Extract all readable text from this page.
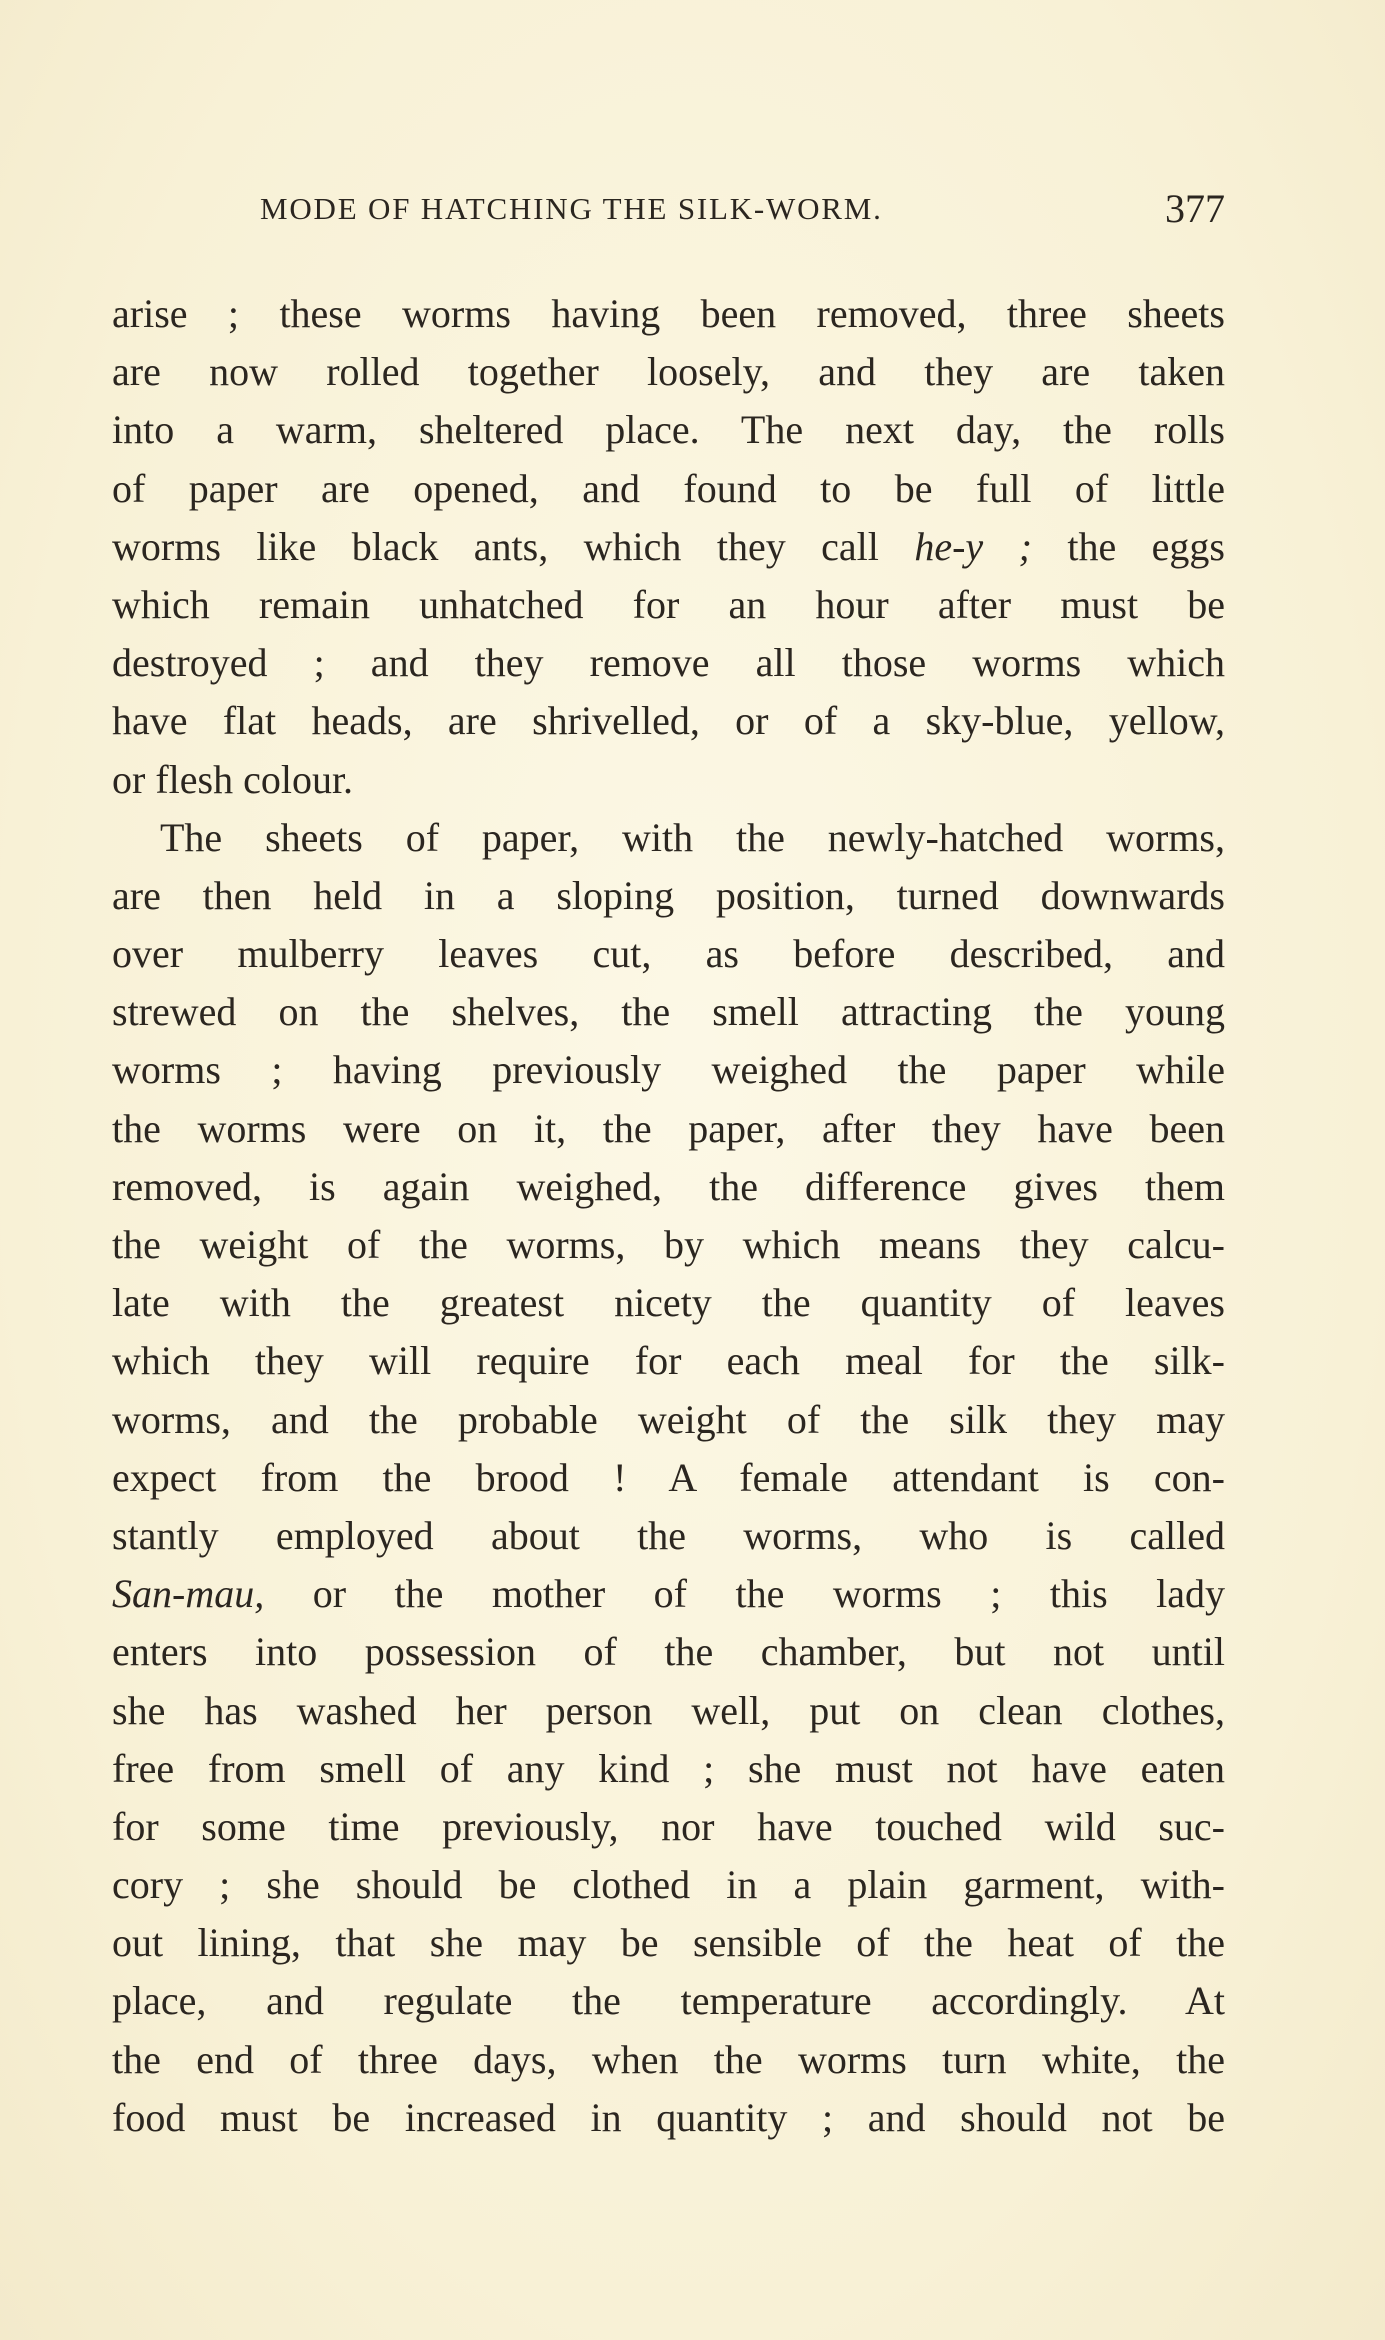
MODE OF HATCHING THE SILK-WORM.	377
arise ; these worms having been removed, three sheets
are now rolled together loosely, and they are taken
into a warm, sheltered place. The next day, the rolls
of paper are opened, and found to be full of little
worms like black ants, which they call he-y ; the eggs
which remain unhatched for an hour after must be
destroyed ; and they remove all those worms which
have flat heads, are shrivelled, or of a sky-blue, yellow,
or flesh colour.
The sheets of paper, with the newly-hatched worms,
are then held in a sloping position, turned downwards
over mulberry leaves cut, as before described, and
strewed on the shelves, the smell attracting the young
worms ; having previously weighed the paper while
the worms were on it, the paper, after they have been
removed, is again weighed, the difference gives them
the weight of the worms, by which means they calcu-
late with the greatest nicety the quantity of leaves
which they will require for each meal for the silk-
worms, and the probable weight of the silk they may
expect from the brood ! A female attendant is con-
stantly employed about the worms, who is called
San-mau, or the mother of the worms ; this lady
enters into possession of the chamber, but not until
she has washed her person well, put on clean clothes,
free from smell of any kind ; she must not have eaten
for some time previously, nor have touched wild suc-
cory ; she should be clothed in a plain garment, with-
out lining, that she may be sensible of the heat of the
place, and regulate the temperature accordingly. At
the end of three days, when the worms turn white, the
food must be increased in quantity ; and should not be
